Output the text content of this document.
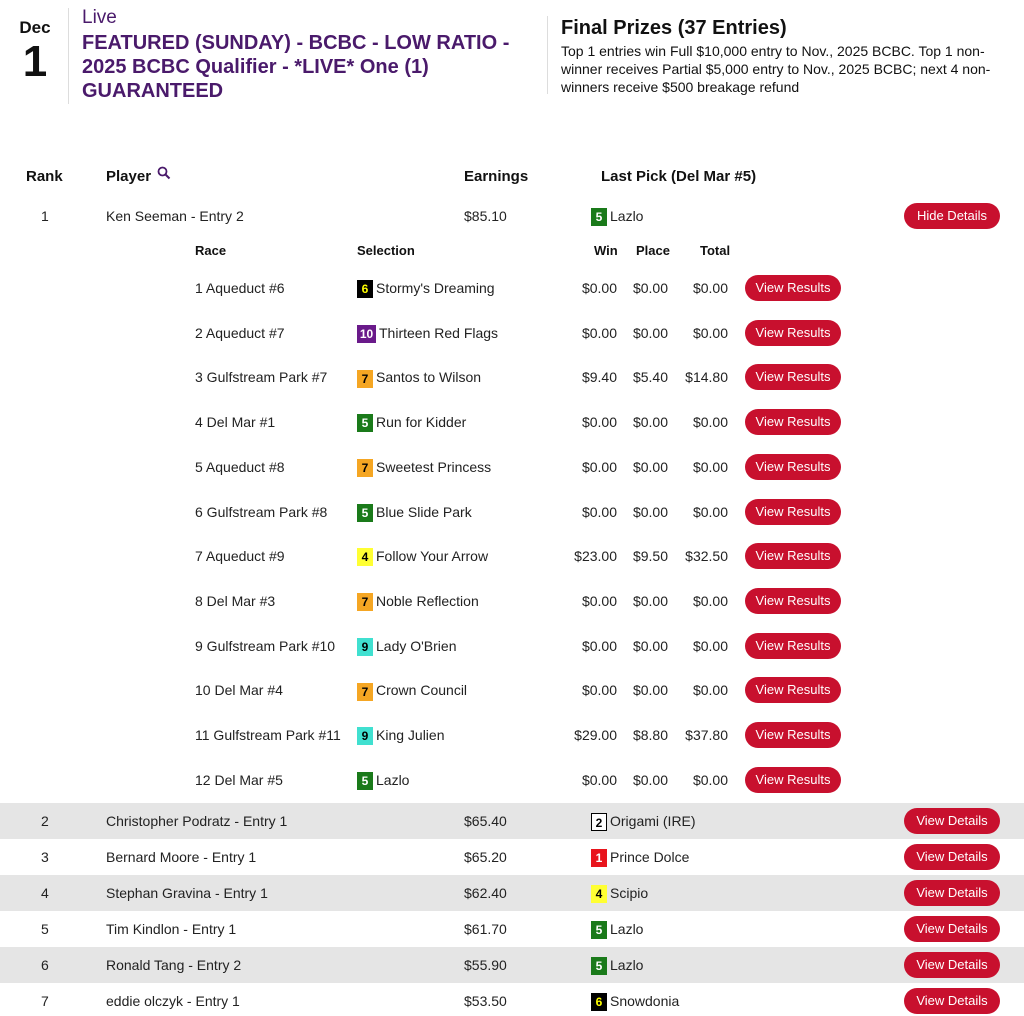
Dec
1
Live
FEATURED (SUNDAY) - BCBC - LOW RATIO - 2025 BCBC Qualifier - *LIVE* One (1) GUARANTEED
Final Prizes (37 Entries)
Top 1 entries win Full $10,000 entry to Nov., 2025 BCBC. Top 1 non-winner receives Partial $5,000 entry to Nov., 2025 BCBC; next 4 non-winners receive $500 breakage refund
Rank	Player	Earnings	Last Pick (Del Mar #5)
1	Ken Seeman - Entry 2	$85.10	5 Lazlo	Hide Details
Race	Selection	Win Place Total
1 Aqueduct #6	6 Stormy's Dreaming	$0.00 $0.00 $0.00	View Results
2 Aqueduct #7	10 Thirteen Red Flags	$0.00 $0.00 $0.00	View Results
3 Gulfstream Park #7	7 Santos to Wilson	$9.40 $5.40 $14.80	View Results
4 Del Mar #1	5 Run for Kidder	$0.00 $0.00 $0.00	View Results
5 Aqueduct #8	7 Sweetest Princess	$0.00 $0.00 $0.00	View Results
6 Gulfstream Park #8	5 Blue Slide Park	$0.00 $0.00 $0.00	View Results
7 Aqueduct #9	4 Follow Your Arrow	$23.00 $9.50 $32.50	View Results
8 Del Mar #3	7 Noble Reflection	$0.00 $0.00 $0.00	View Results
9 Gulfstream Park #10	9 Lady O'Brien	$0.00 $0.00 $0.00	View Results
10 Del Mar #4	7 Crown Council	$0.00 $0.00 $0.00	View Results
11 Gulfstream Park #11	9 King Julien	$29.00 $8.80 $37.80	View Results
12 Del Mar #5	5 Lazlo	$0.00 $0.00 $0.00	View Results
2	Christopher Podratz - Entry 1	$65.40	2 Origami (IRE)	View Details
3	Bernard Moore - Entry 1	$65.20	1 Prince Dolce	View Details
4	Stephan Gravina - Entry 1	$62.40	4 Scipio	View Details
5	Tim Kindlon - Entry 1	$61.70	5 Lazlo	View Details
6	Ronald Tang - Entry 2	$55.90	5 Lazlo	View Details
7	eddie olczyk - Entry 1	$53.50	6 Snowdonia	View Details
